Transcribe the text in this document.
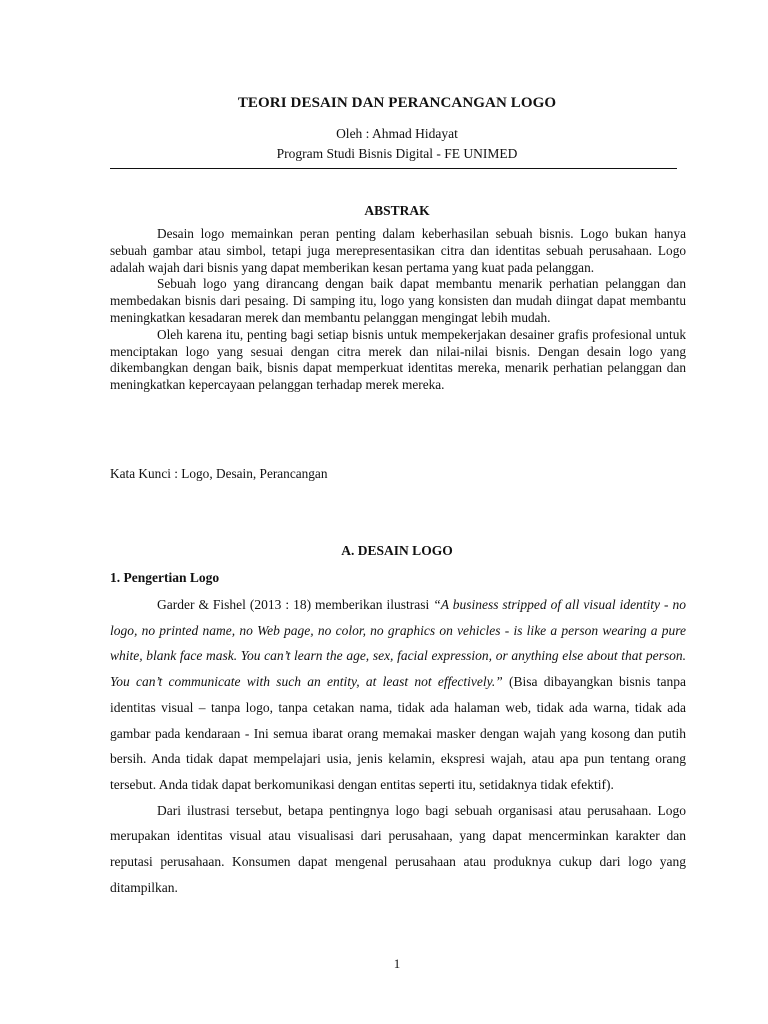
TEORI DESAIN DAN PERANCANGAN LOGO
Oleh : Ahmad Hidayat
Program Studi Bisnis Digital - FE UNIMED
ABSTRAK

Desain logo memainkan peran penting dalam keberhasilan sebuah bisnis. Logo bukan hanya sebuah gambar atau simbol, tetapi juga merepresentasikan citra dan identitas sebuah perusahaan. Logo adalah wajah dari bisnis yang dapat memberikan kesan pertama yang kuat pada pelanggan.

Sebuah logo yang dirancang dengan baik dapat membantu menarik perhatian pelanggan dan membedakan bisnis dari pesaing. Di samping itu, logo yang konsisten dan mudah diingat dapat membantu meningkatkan kesadaran merek dan membantu pelanggan mengingat lebih mudah.

Oleh karena itu, penting bagi setiap bisnis untuk mempekerjakan desainer grafis profesional untuk menciptakan logo yang sesuai dengan citra merek dan nilai-nilai bisnis. Dengan desain logo yang dikembangkan dengan baik, bisnis dapat memperkuat identitas mereka, menarik perhatian pelanggan dan meningkatkan kepercayaan pelanggan terhadap merek mereka.

Kata Kunci : Logo, Desain, Perancangan
A. DESAIN LOGO
1. Pengertian Logo

Garder & Fishel (2013 : 18) memberikan ilustrasi “A business stripped of all visual identity - no logo, no printed name, no Web page, no color, no graphics on vehicles - is like a person wearing a pure white, blank face mask. You can’t learn the age, sex, facial expression, or anything else about that person. You can’t communicate with such an entity, at least not effectively.” (Bisa dibayangkan bisnis tanpa identitas visual – tanpa logo, tanpa cetakan nama, tidak ada halaman web, tidak ada warna, tidak ada gambar pada kendaraan - Ini semua ibarat orang memakai masker dengan wajah yang kosong dan putih bersih. Anda tidak dapat mempelajari usia, jenis kelamin, ekspresi wajah, atau apa pun tentang orang tersebut. Anda tidak dapat berkomunikasi dengan entitas seperti itu, setidaknya tidak efektif).

Dari ilustrasi tersebut, betapa pentingnya logo bagi sebuah organisasi atau perusahaan. Logo merupakan identitas visual atau visualisasi dari perusahaan, yang dapat mencerminkan karakter dan reputasi perusahaan. Konsumen dapat mengenal perusahaan atau produknya cukup dari logo yang ditampilkan.

1
